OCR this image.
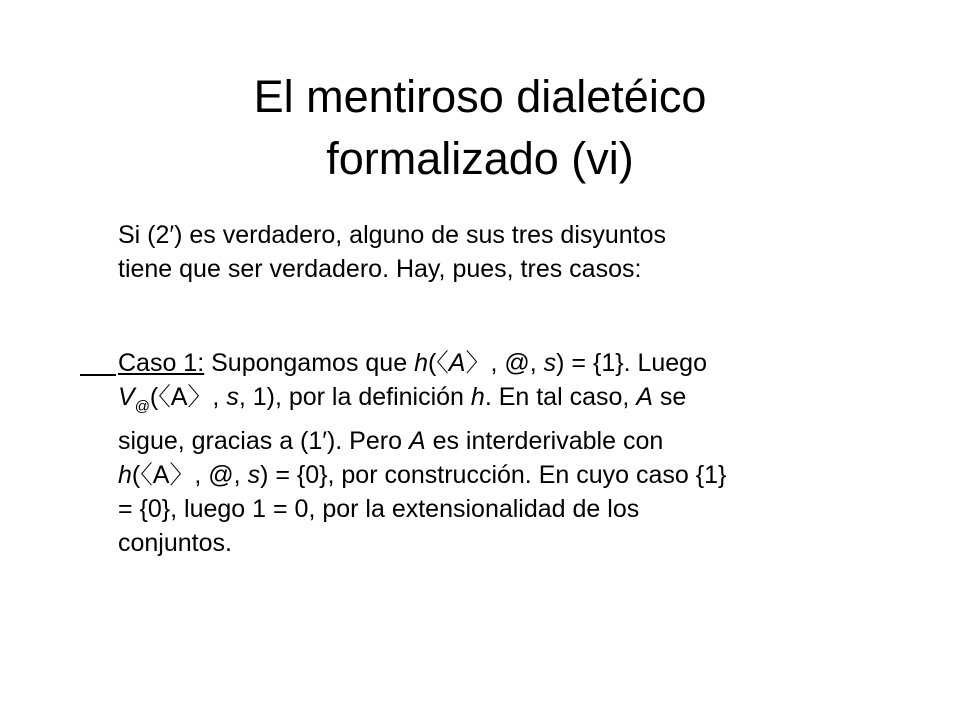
El mentiroso dialetéico
formalizado (vi)
Si (2′) es verdadero, alguno de sus tres disyuntos
tiene que ser verdadero. Hay, pues, tres casos:
Caso 1: Supongamos que h(〈A〉, @, s) = {1}. Luego
$V_@$(〈A〉, s, 1), por la definición h. En tal caso, A se
sigue, gracias a (1′). Pero A es interderivable con
h(〈A〉, @, s) = {0}, por construcción. En cuyo caso {1}
= {0}, luego 1 = 0, por la extensionalidad de los
conjuntos.
